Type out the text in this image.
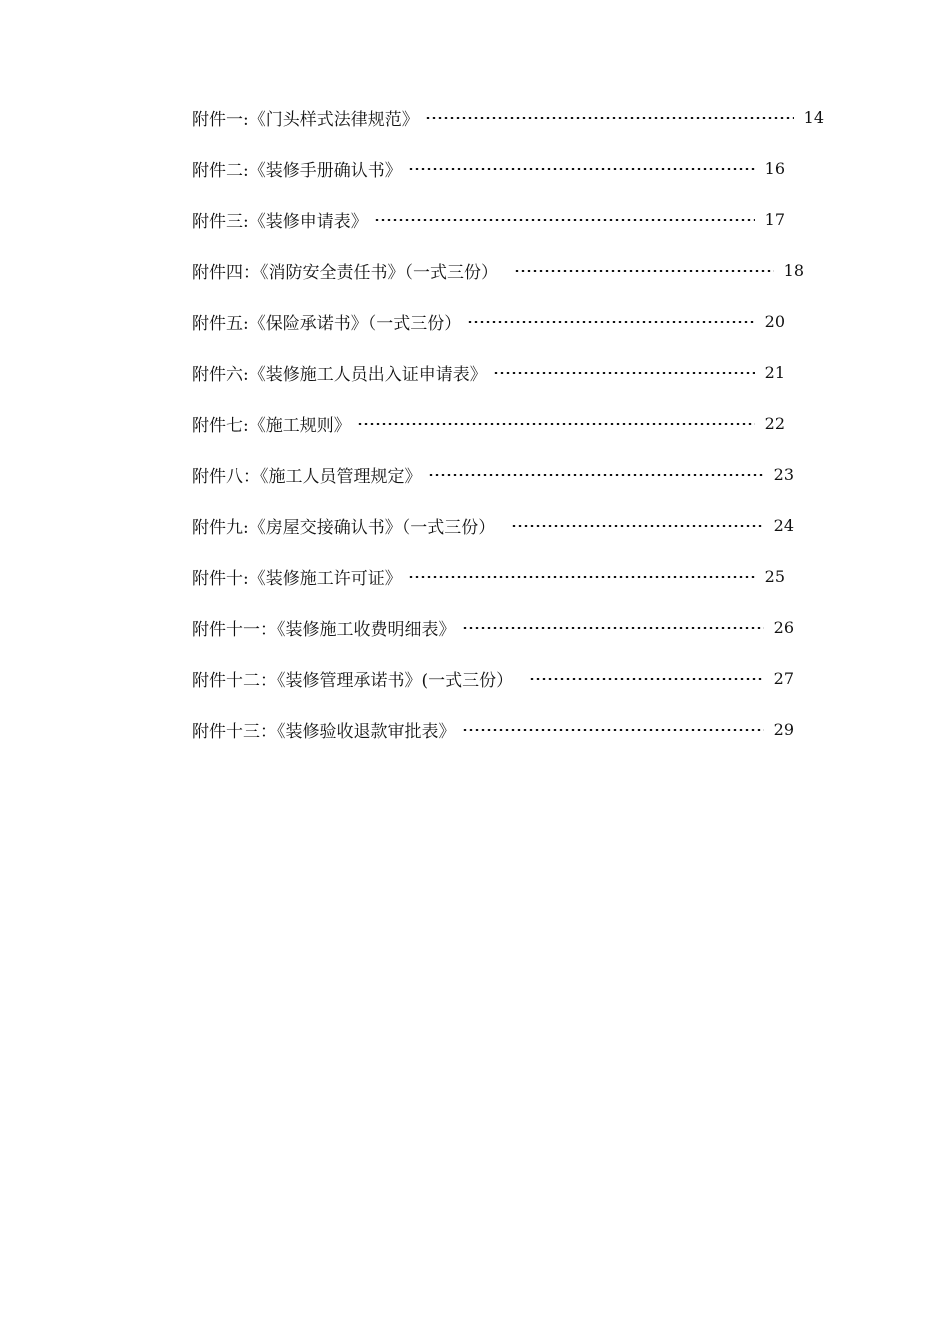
附件一:《门头样式法律规范》	14
附件二:《装修手册确认书》	16
附件三:《装修申请表》	17
附件四：《消防安全责任书》（一式三份）	18
附件五:《保险承诺书》（一式三份）	20
附件六:《装修施工人员出入证申请表》	21
附件七:《施工规则》	22
附件八：《施工人员管理规定》	23
附件九:《房屋交接确认书》（一式三份）	24
附件十:《装修施工许可证》	25
附件十一：《装修施工收费明细表》	26
附件十二：《装修管理承诺书》(一式三份）	27
附件十三：《装修验收退款审批表》	29
